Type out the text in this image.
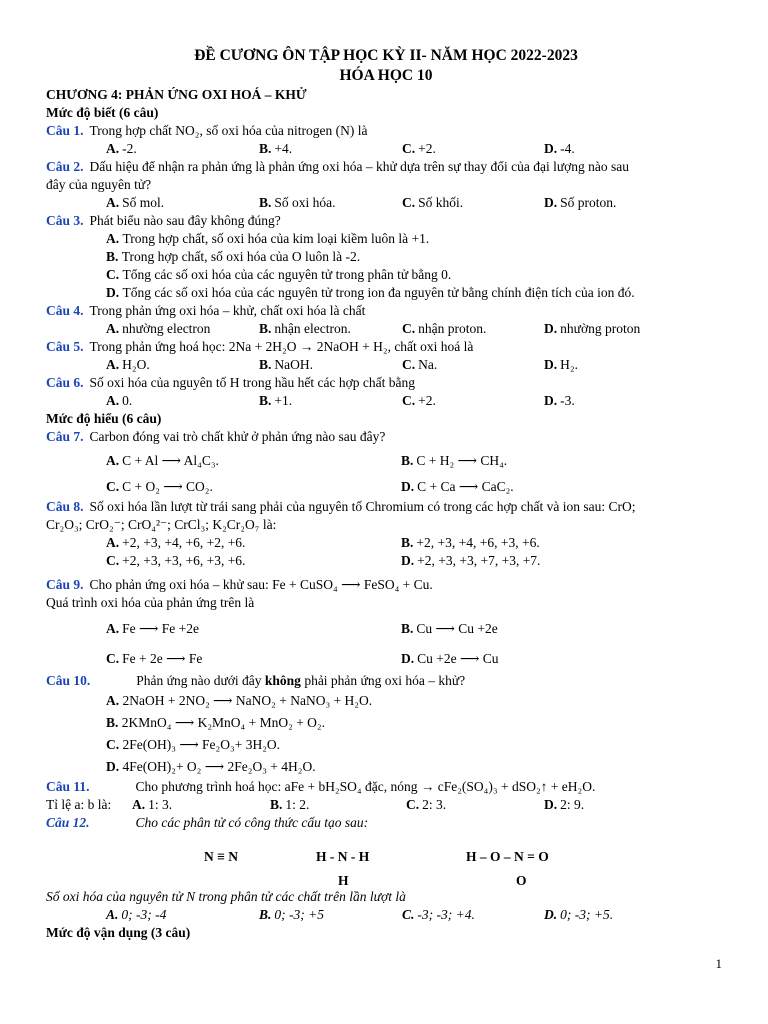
ĐỀ CƯƠNG ÔN TẬP HỌC KỲ II- NĂM HỌC 2022-2023
HÓA HỌC 10
CHƯƠNG 4: PHẢN ỨNG OXI HOÁ – KHỬ
Mức độ biết (6 câu)
Câu 1. Trong hợp chất NO₂, số oxi hóa của nitrogen (N) là
A. -2.	B. +4.	C. +2.	D. -4.
Câu 2. Dấu hiệu để nhận ra phản ứng là phản ứng oxi hóa – khử dựa trên sự thay đổi của đại lượng nào sau
đây của nguyên tử?
A. Số mol.	B. Số oxi hóa.	C. Số khối.	D. Số proton.
Câu 3. Phát biểu nào sau đây không đúng?
A. Trong hợp chất, số oxi hóa của kim loại kiềm luôn là +1.
B. Trong hợp chất, số oxi hóa của O luôn là -2.
C. Tổng các số oxi hóa của các nguyên tử trong phân tử bằng 0.
D. Tổng các số oxi hóa của các nguyên tử trong ion đa nguyên tử bằng chính điện tích của ion đó.
Câu 4. Trong phản ứng oxi hóa – khử, chất oxi hóa là chất
A. nhường electron	B. nhận electron.	C. nhận proton.	D. nhường proton
Câu 5. Trong phản ứng hoá học: 2Na + 2H₂O → 2NaOH + H₂, chất oxi hoá là
A. H₂O.	B. NaOH.	C. Na.	D. H₂.
Câu 6. Số oxi hóa của nguyên tố H trong hầu hết các hợp chất bằng
A. 0.	B. +1.	C. +2.	D. -3.
Mức độ hiểu (6 câu)
Câu 7. Carbon đóng vai trò chất khử ở phản ứng nào sau đây?
A. C + Al ⟶ Al₄C₃.	B. C + H₂ ⟶ CH₄.
C. C + O₂ ⟶ CO₂.	D. C + Ca ⟶ CaC₂.
Câu 8. Số oxi hóa lần lượt từ trái sang phải của nguyên tố Chromium có trong các hợp chất và ion sau: CrO;
Cr₂O₃; CrO₂⁻; CrO₄²⁻; CrCl₃; K₂Cr₂O₇ là:
A. +2, +3, +4, +6, +2, +6.	B. +2, +3, +4, +6, +3, +6.
C. +2, +3, +3, +6, +3, +6.	D. +2, +3, +3, +7, +3, +7.
Câu 9. Cho phản ứng oxi hóa – khử sau: Fe + CuSO₄ ⟶ FeSO₄ + Cu.
Quá trình oxi hóa của phản ứng trên là
A. Fe ⟶ Fe +2e	B. Cu ⟶ Cu +2e
C. Fe + 2e ⟶ Fe	D. Cu +2e ⟶ Cu
Câu 10.	Phản ứng nào dưới đây không phải phản ứng oxi hóa – khử?
A. 2NaOH + 2NO₂ ⟶ NaNO₂ + NaNO₃ + H₂O.
B. 2KMnO₄ ⟶ K₂MnO₄ + MnO₂ + O₂.
C. 2Fe(OH)₃ ⟶ Fe₂O₃+ 3H₂O.
D. 4Fe(OH)₂+ O₂ ⟶ 2Fe₂O₃ + 4H₂O.
Câu 11.	Cho phương trình hoá học: aFe + bH₂SO₄ đặc, nóng → cFe₂(SO₄)₃ + dSO₂↑ + eH₂O.
Tỉ lệ a: b là: A. 1: 3.	B. 1: 2.	C. 2: 3.	D. 2: 9.
Câu 12.	Cho các phân tử có công thức cấu tạo sau:
N ≡ N	H - N - H
H
H – O – N = O
O
Số oxi hóa của nguyên tử N trong phân tử các chất trên lần lượt là
A. 0; -3; -4	B. 0; -3; +5	C. -3; -3; +4.	D. 0; -3; +5.
Mức độ vận dụng (3 câu)
1
